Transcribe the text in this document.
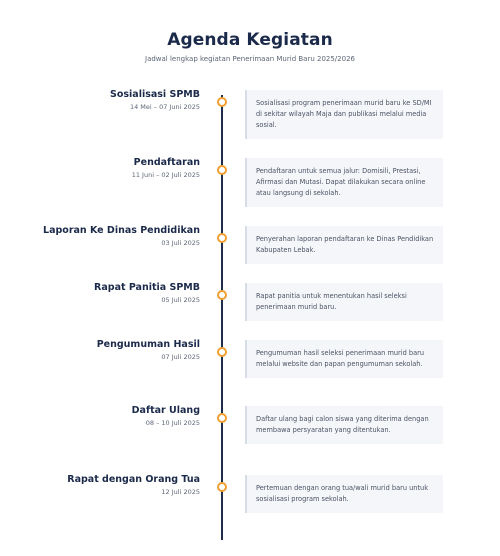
Agenda Kegiatan
Jadwal lengkap kegiatan Penerimaan Murid Baru 2025/2026
Sosialisasi SPMB
14 Mei – 07 Juni 2025	Sosialisasi program penerimaan murid baru ke SD/MI di sekitar wilayah Maja dan publikasi melalui media sosial.
Pendaftaran
11 Juni – 02 Juli 2025	Pendaftaran untuk semua jalur: Domisili, Prestasi, Afirmasi dan Mutasi. Dapat dilakukan secara online atau langsung di sekolah.
Laporan Ke Dinas Pendidikan
03 Juli 2025	Penyerahan laporan pendaftaran ke Dinas Pendidikan Kabupaten Lebak.
Rapat Panitia SPMB
05 Juli 2025	Rapat panitia untuk menentukan hasil seleksi penerimaan murid baru.
Pengumuman Hasil
07 Juli 2025	Pengumuman hasil seleksi penerimaan murid baru melalui website dan papan pengumuman sekolah.
Daftar Ulang
08 – 10 Juli 2025	Daftar ulang bagi calon siswa yang diterima dengan membawa persyaratan yang ditentukan.
Rapat dengan Orang Tua
12 Juli 2025	Pertemuan dengan orang tua/wali murid baru untuk sosialisasi program sekolah.
